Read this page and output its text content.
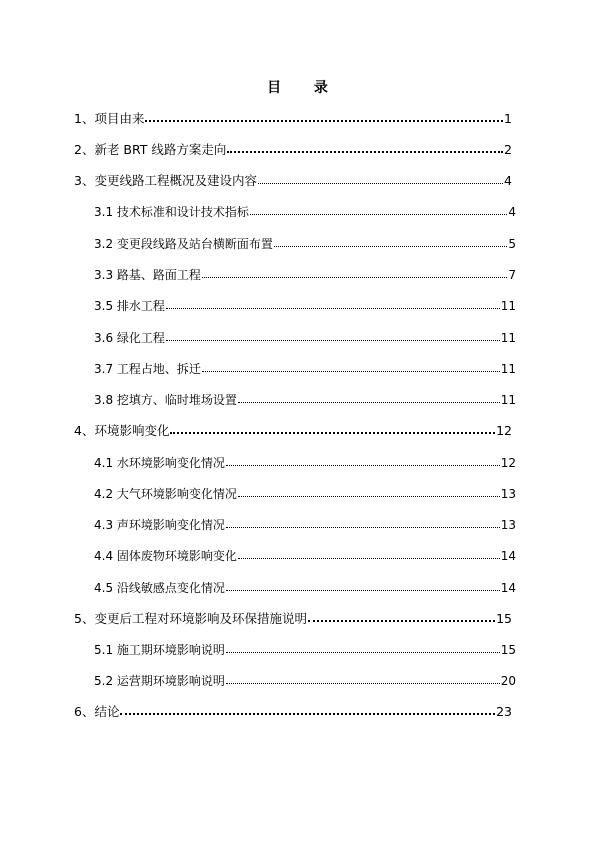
目 录
1、项目由来	1
2、新老 BRT 线路方案走向	2
3、变更线路工程概况及建设内容	4
3.1 技术标准和设计技术指标	4
3.2 变更段线路及站台横断面布置	5
3.3 路基、路面工程	7
3.5 排水工程	11
3.6 绿化工程	11
3.7 工程占地、拆迁	11
3.8 挖填方、临时堆场设置	11
4、环境影响变化	12
4.1 水环境影响变化情况	12
4.2 大气环境影响变化情况	13
4.3 声环境影响变化情况	13
4.4 固体废物环境影响变化	14
4.5 沿线敏感点变化情况	14
5、变更后工程对环境影响及环保措施说明	15
5.1 施工期环境影响说明	15
5.2 运营期环境影响说明	20
6、结论	23
